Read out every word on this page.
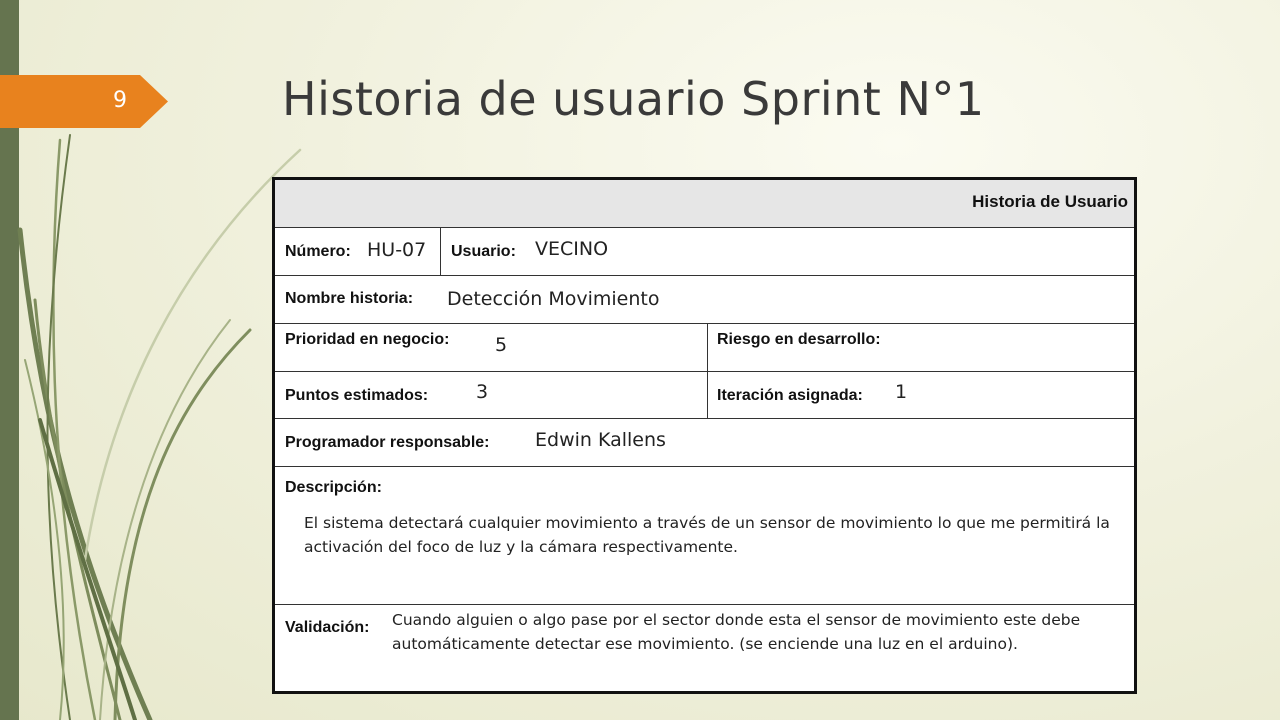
9	Historia de usuario Sprint N°1
Historia de Usuario
Número: HU-07 Usuario: VECINO
Nombre historia: Detección Movimiento
Prioridad en negocio: 5	Riesgo en desarrollo:
Puntos estimados:	3	Iteración asignada: 1
Programador responsable: Edwin Kallens
Descripción:
El sistema detectará cualquier movimiento a través de un sensor de movimiento lo que me permitirá la activación del foco de luz y la cámara respectivamente.
Validación: Cuando alguien o algo pase por el sector donde esta el sensor de movimiento este debe automáticamente detectar ese movimiento. (se enciende una luz en el arduino).
